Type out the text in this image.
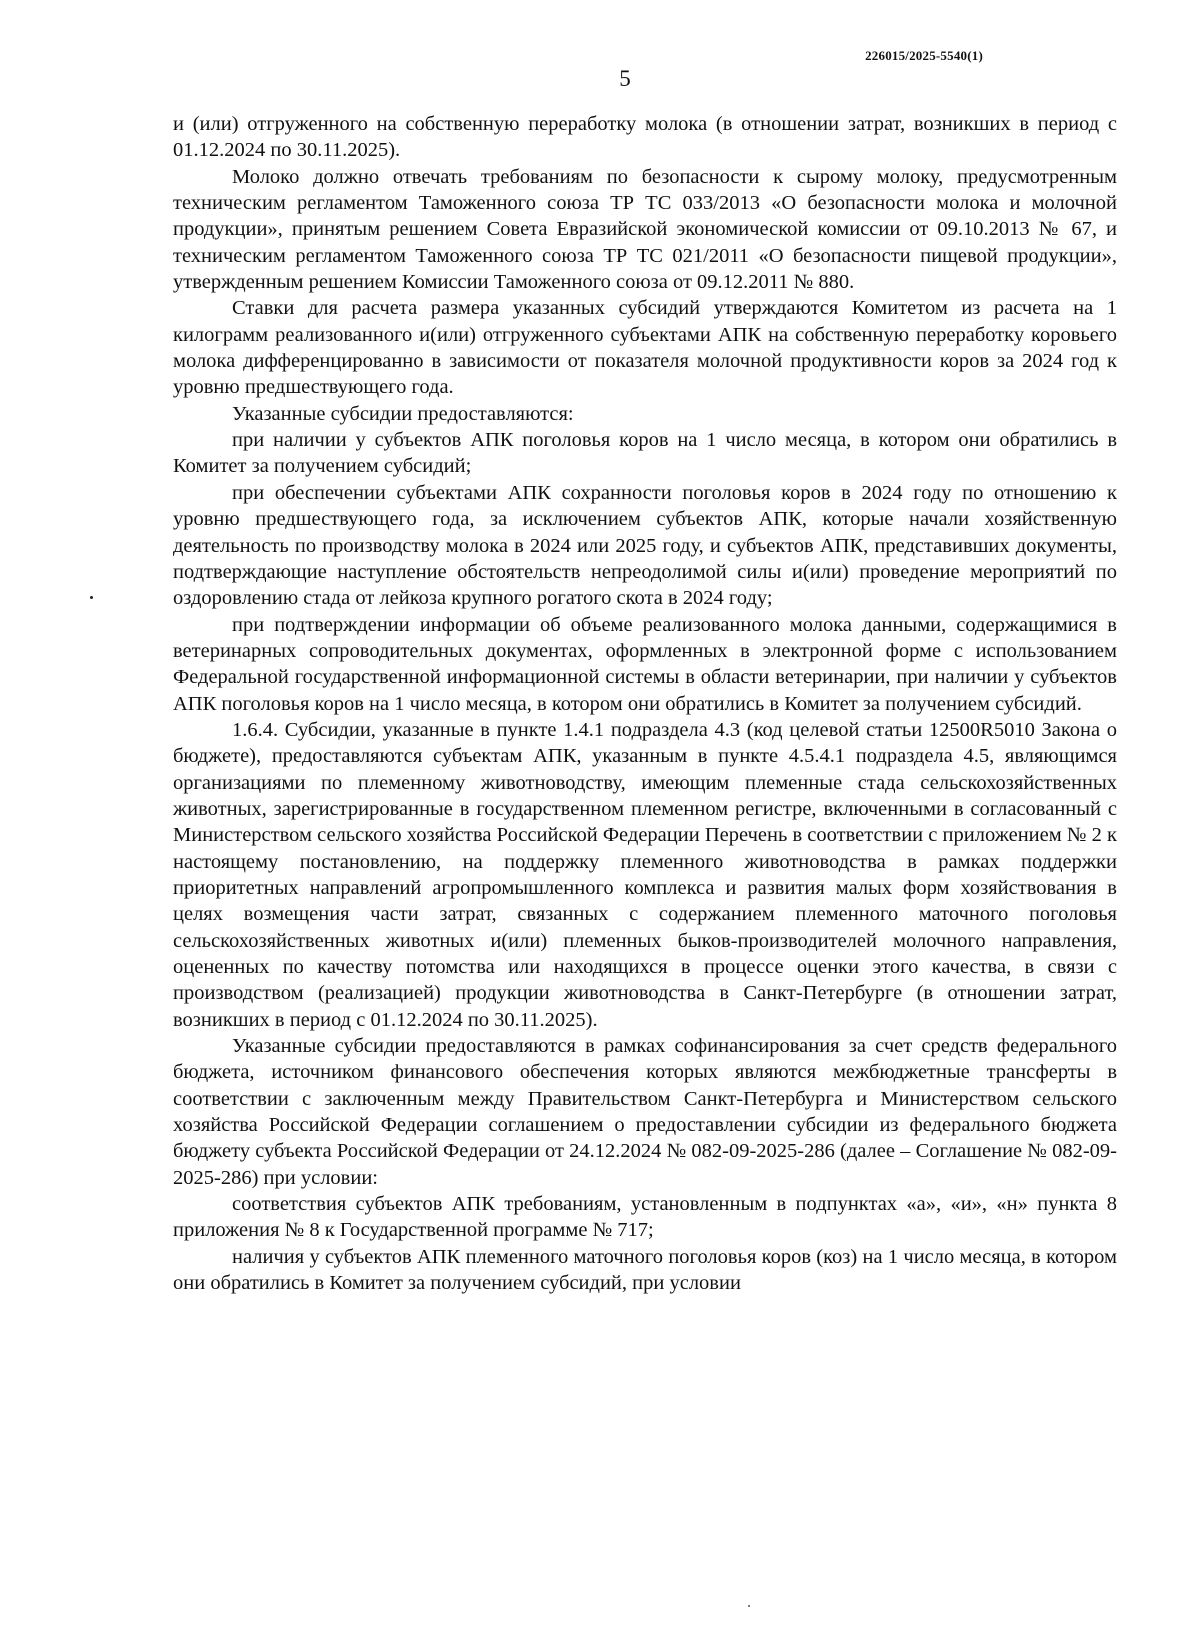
226015/2025-5540(1)
5

и (или) отгруженного на собственную переработку молока (в отношении затрат, возникших в период с 01.12.2024 по 30.11.2025).

Молоко должно отвечать требованиям по безопасности к сырому молоку, предусмотренным техническим регламентом Таможенного союза ТР ТС 033/2013 «О безопасности молока и молочной продукции», принятым решением Совета Евразийской экономической комиссии от 09.10.2013 № 67, и техническим регламентом Таможенного союза ТР ТС 021/2011 «О безопасности пищевой продукции», утвержденным решением Комиссии Таможенного союза от 09.12.2011 № 880.

Ставки для расчета размера указанных субсидий утверждаются Комитетом из расчета на 1 килограмм реализованного и(или) отгруженного субъектами АПК на собственную переработку коровьего молока дифференцированно в зависимости от показателя молочной продуктивности коров за 2024 год к уровню предшествующего года.

Указанные субсидии предоставляются:

при наличии у субъектов АПК поголовья коров на 1 число месяца, в котором они обратились в Комитет за получением субсидий;

при обеспечении субъектами АПК сохранности поголовья коров в 2024 году по отношению к уровню предшествующего года, за исключением субъектов АПК, которые начали хозяйственную деятельность по производству молока в 2024 или 2025 году, и субъектов АПК, представивших документы, подтверждающие наступление обстоятельств непреодолимой силы и(или) проведение мероприятий по оздоровлению стада от лейкоза крупного рогатого скота в 2024 году;

при подтверждении информации об объеме реализованного молока данными, содержащимися в ветеринарных сопроводительных документах, оформленных в электронной форме с использованием Федеральной государственной информационной системы в области ветеринарии, при наличии у субъектов АПК поголовья коров на 1 число месяца, в котором они обратились в Комитет за получением субсидий.

1.6.4. Субсидии, указанные в пункте 1.4.1 подраздела 4.3 (код целевой статьи 12500R5010 Закона о бюджете), предоставляются субъектам АПК, указанным в пункте 4.5.4.1 подраздела 4.5, являющимся организациями по племенному животноводству, имеющим племенные стада сельскохозяйственных животных, зарегистрированные в государственном племенном регистре, включенными в согласованный с Министерством сельского хозяйства Российской Федерации Перечень в соответствии с приложением № 2 к настоящему постановлению, на поддержку племенного животноводства в рамках поддержки приоритетных направлений агропромышленного комплекса и развития малых форм хозяйствования в целях возмещения части затрат, связанных с содержанием племенного маточного поголовья сельскохозяйственных животных и(или) племенных быков-производителей молочного направления, оцененных по качеству потомства или находящихся в процессе оценки этого качества, в связи с производством (реализацией) продукции животноводства в Санкт-Петербурге (в отношении затрат, возникших в период с 01.12.2024 по 30.11.2025).

Указанные субсидии предоставляются в рамках софинансирования за счет средств федерального бюджета, источником финансового обеспечения которых являются межбюджетные трансферты в соответствии с заключенным между Правительством Санкт-Петербурга и Министерством сельского хозяйства Российской Федерации соглашением о предоставлении субсидии из федерального бюджета бюджету субъекта Российской Федерации от 24.12.2024 № 082-09-2025-286 (далее – Соглашение № 082-09-2025-286) при условии:

соответствия субъектов АПК требованиям, установленным в подпунктах «а», «и», «н» пункта 8 приложения № 8 к Государственной программе № 717;

наличия у субъектов АПК племенного маточного поголовья коров (коз) на 1 число месяца, в котором они обратились в Комитет за получением субсидий, при условии
